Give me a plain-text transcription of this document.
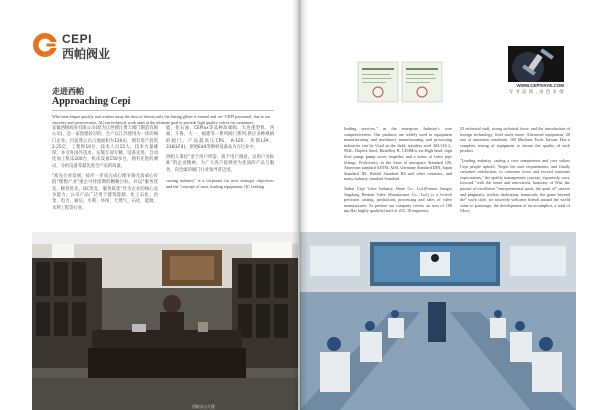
CEPI
西帕阀业
走进西帕
Approaching Cepi

Who time elapse quickly and washes away the dust of history,only the lasting glitter is eternal and we--CEPI personnel, due to our sincerity and perseverance, All our technical work aims at the ultimate goal to provide high quality valves for customers.

安徽西帕阀业有限公司(原为江西德江奥天阀门制造有限公司)，是一家创建较早的，生产以江苏使用为一体的阀门企业。目前我公司占地面积为120亩，拥有资产投资2.25亿，工程师10位，技术人员15人，技术力量雄厚，并引进国外技术，实施专项专精，设备先进，自动化加工机床200台，机床设备150多台，拥有先进的测试、分析设备等最先进全产品的质量。

"质先行业发展，稳步一步质完成心理争铸尤高成心价值”理想产业"重企可恃团期的精略目标，并以“服务优先，顾客优先，QC优先，服务质优”作为企业的核心竞争能力。公司产品广泛用于建筑能源、化工石化、冶金、电力、通信、水利、环保、天然气、石化、能源、水利工程等行业。

能、化石油、CEPIxx等品种高端阀。大连重型机、西福、斗鲁、大一、福建等一系列阀门系列,供应多种规格的阀门。产品最高压CPS，A-105，英钢LFA，316(LF4)，原始Edit等钢材设备品为在行业中。

西帕人秉持“金于用户所需，质于用户满意，以用户为标准”的企业精神，为广大客户提供更为优质的产品与服务，向全球的阀门行业领导者迈进。

casting industry" is a corporate for new strategic objectives and the "concept of trust, leading equipment, QC leading.

西帕办公大楼
WWW.CEPIVAYE.COM
专 业 品 质 , 由 色 争 端

leading services," as the enterprise Industry's core competitiveness. Our products are widely used in equipment manufacturing and machinery manufacturing and processing industries can be Used in the field, stainless steel 304,316 L, 904L, Duplex Steel, Hastelloy B, CD4Mcu etc.High head, high flow pump, pump cover, impeller, and a series of valve pipe fittings. Proficiency in the State of aerospace Standard GB, American standard ASTM, AISI, Germany Standard DIN, Japan Standard JIS, British Standard BS and other countries, and many industry standard Standard.

Anhui Cepi Valve Industry Share Co., Ltd.(Former Jiangxi Jingdong Heritan Valve Manufacture Co., Ltd.) is a hi-tech precision casting, production, processing and sales of valve manufacturer. At present our company covers an area of 100 mu,Has highly qualified staff of 225, 10 engineers,

25 technical staff, strong technical force, and the introduction of foreign technology, field study more. Advanced equipment, 20 sets of automatic machines, 100 Machine Tools Taiwan. Has a complete testing of equipment to ensure the quality of each product.

"Leading industry, casting a core competence and core values Cepi people uphold, "begin the user requirements, and finally customer satisfaction, to customer focus and exceed customer expectations," the quality management concept, vigorously carry forward "with the times and innovation, harmony of Win, the pursuit of excellence "entrepreneurial spirit, the spirit of" sincere and pragmatic, tireless dedication, teamwork, the game beyond the" work style, we sincerely welcome friends around the world came to patronage, the development of an accomplice, a total of Glory.
